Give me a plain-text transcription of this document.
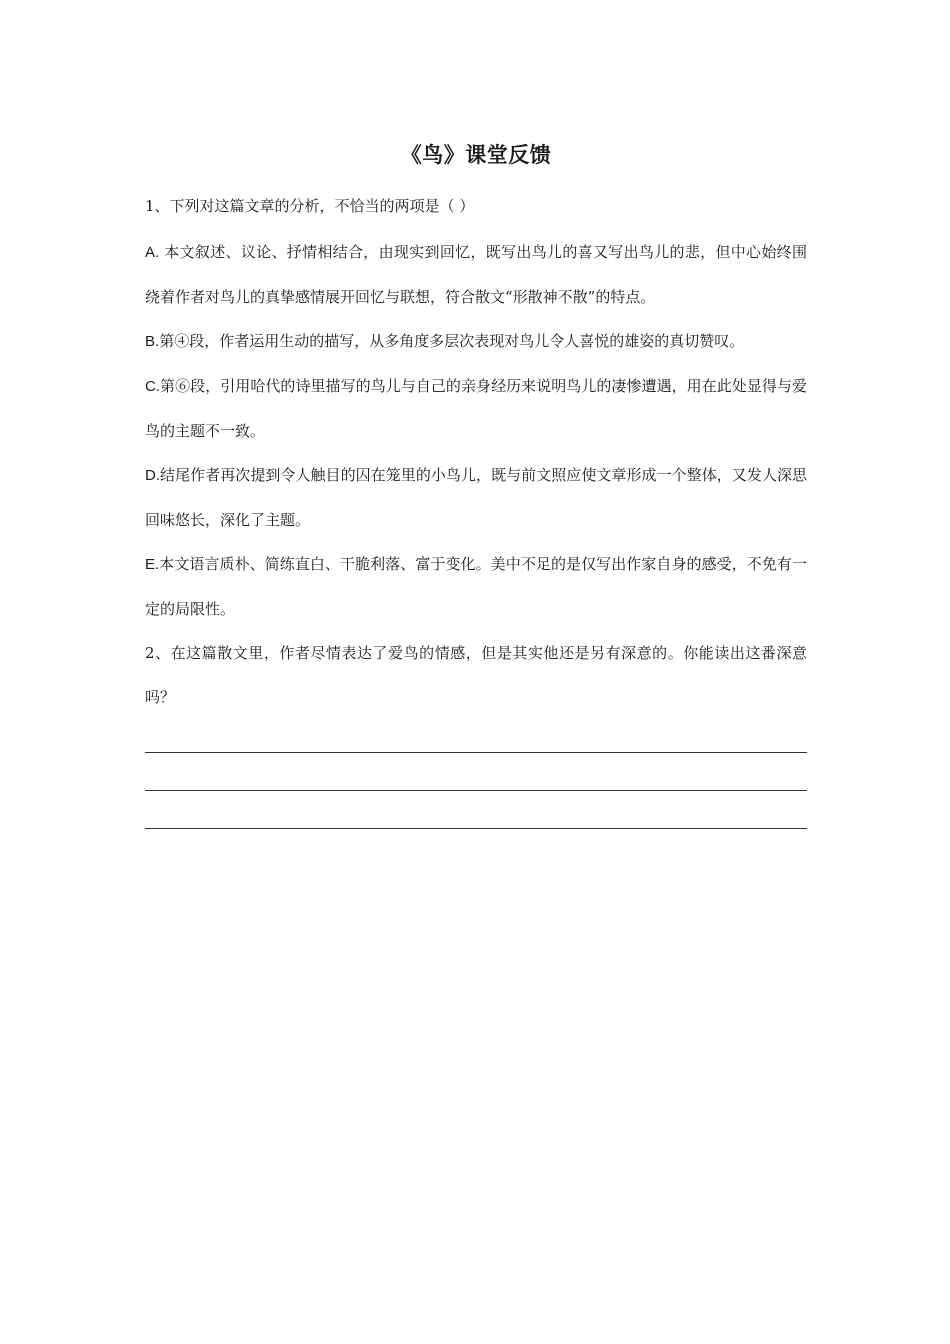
《鸟》课堂反馈

1、下列对这篇文章的分析，不恰当的两项是（ ）

A. 本文叙述、议论、抒情相结合，由现实到回忆，既写出鸟儿的喜又写出鸟儿的悲，但中心始终围绕着作者对鸟儿的真挚感情展开回忆与联想，符合散文“形散神不散”的特点。

B.第④段，作者运用生动的描写，从多角度多层次表现对鸟儿令人喜悦的雄姿的真切赞叹。

C.第⑥段，引用哈代的诗里描写的鸟儿与自己的亲身经历来说明鸟儿的凄惨遭遇，用在此处显得与爱鸟的主题不一致。

D.结尾作者再次提到令人触目的囚在笼里的小鸟儿，既与前文照应使文章形成一个整体，又发人深思回味悠长，深化了主题。

E.本文语言质朴、简练直白、干脆利落、富于变化。美中不足的是仅写出作家自身的感受，不免有一定的局限性。

2、在这篇散文里，作者尽情表达了爱鸟的情感，但是其实他还是另有深意的。你能读出这番深意吗？
